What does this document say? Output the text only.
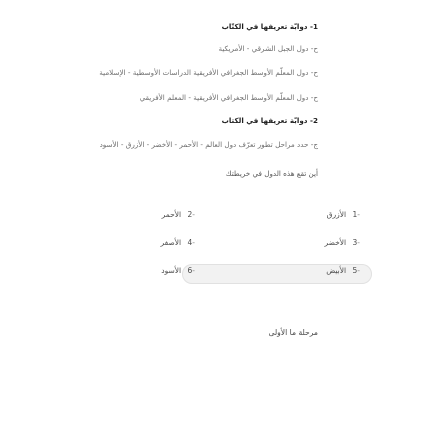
1- دوابّة تعريفها في الكتّاب
ح- دول الجبل الشرقي - الأمريكية
ح- دول المعلّم الأوسط الجغرافي الأفريقية الدراسات الأوسطية - الإسلامية
ح- دول المعلّم الأوسط الجغرافي الأفريقية - المعلم الأفريقي
2- دوابّة تعريفها في الكتاب
ج- حدد مراحل تطور تعرّف دول العالم - الأحمر - الأخضر - الأزرق - الأسود
أين تقع هذه الدول في خريطتك
-1 الأزرق
-2 الأحمر
-3 الأخضر
-4 الأصفر
-5 الأبيض
-6 الأسود
مرحلة ما الأولى
